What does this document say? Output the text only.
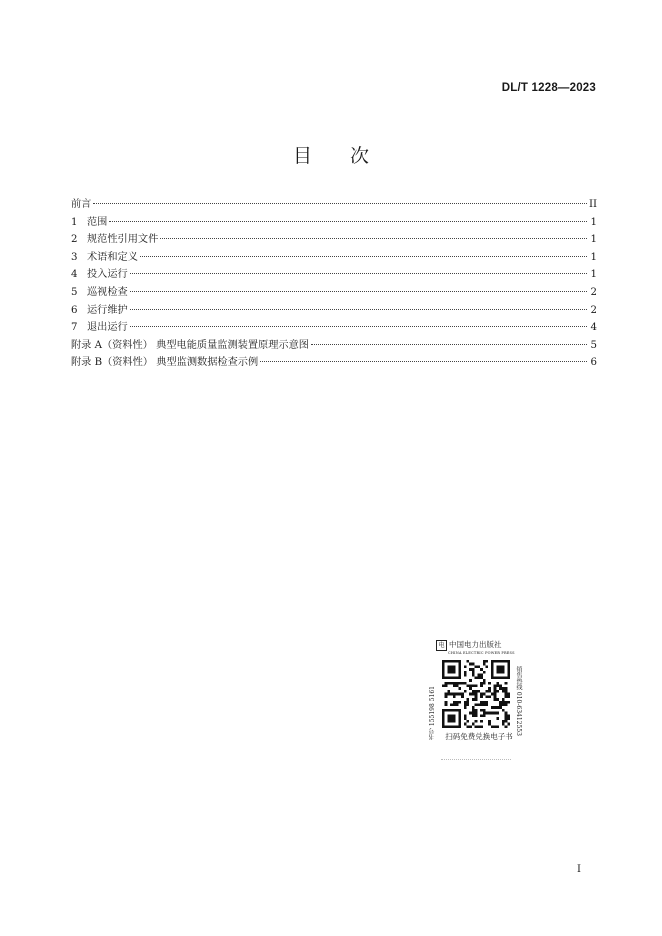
DL/T 1228—2023
目次
前言	II
1 范围	1
2 规范性引用文件	1
3 术语和定义	1
4 投入运行	1
5 巡视检查	2
6 运行维护	2
7 退出运行	4
附录 A（资料性） 典型电能质量监测装置原理示意图	5
附录 B（资料性） 典型监测数据检查示例	6
电 中国电力出版社
CHINA ELECTRIC POWER PRESS
书号 155198 5161	销售热线 010-63412553
扫码免费兑换电子书
I
